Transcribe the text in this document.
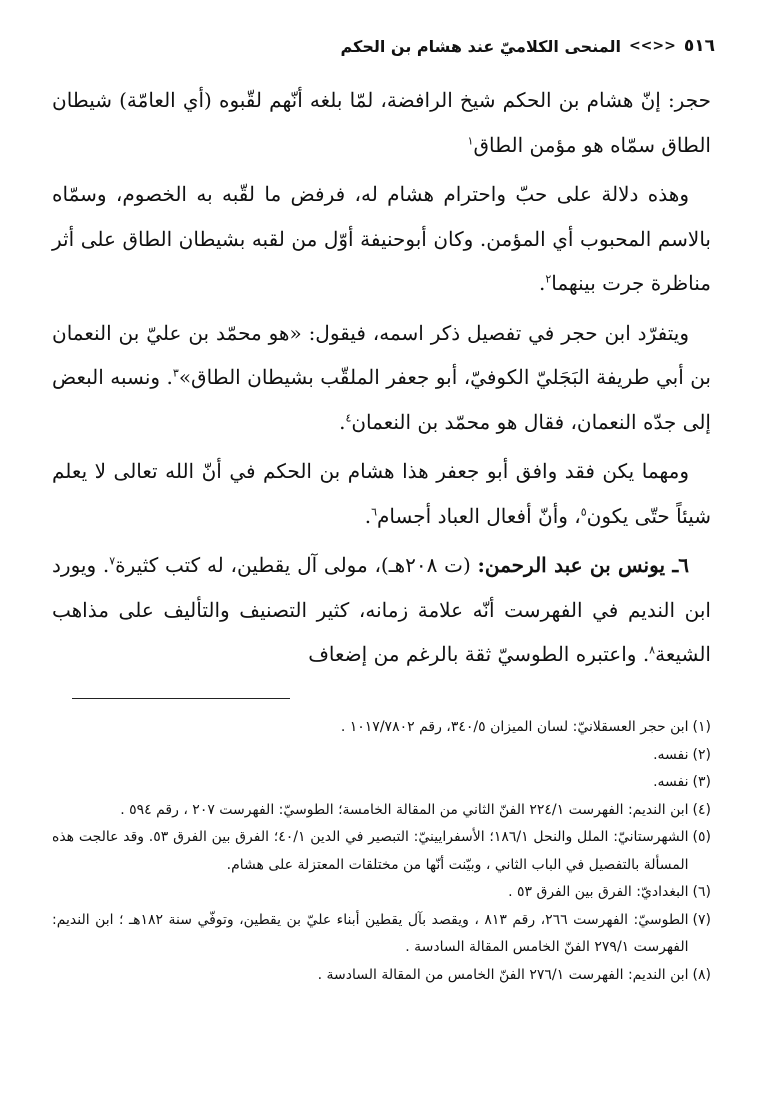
٥١٦
<<>>
المنحى الكلاميّ عند هشام بن الحكم

حجر: إنّ هشام بن الحكم شيخ الرافضة، لمّا بلغه أنّهم لقّبوه (أي العامّة) شيطان الطاق سمّاه هو مؤمن الطاق$^١$

وهذه دلالة على حبّ واحترام هشام له، فرفض ما لقّبه به الخصوم، وسمّاه بالاسم المحبوب أي المؤمن. وكان أبوحنيفة أوّل من لقبه بشيطان الطاق على أثر مناظرة جرت بينهما$^٢$.

ويتفرّد ابن حجر في تفصيل ذكر اسمه، فيقول: «هو محمّد بن عليّ بن النعمان بن أبي طريفة البَجَليّ الكوفيّ، أبو جعفر الملقّب بشيطان الطاق»$^٣$. ونسبه البعض إلى جدّه النعمان، فقال هو محمّد بن النعمان$^٤$.

ومهما يكن فقد وافق أبو جعفر هذا هشام بن الحكم في أنّ الله تعالى لا يعلم شيئاً حتّى يكون$^٥$، وأنّ أفعال العباد أجسام$^٦$.

٦ـ يونس بن عبد الرحمن: (ت ٢٠٨هـ)، مولى آل يقطين، له كتب كثيرة$^٧$. ويورد ابن النديم في الفهرست أنّه علامة زمانه، كثير التصنيف والتأليف على مذاهب الشيعة$^٨$. واعتبره الطوسيّ ثقة بالرغم من إضعاف

(١)
ابن حجر العسقلانيّ: لسان الميزان ٣٤٠/٥، رقم ١٠١٧/٧٨٠٢ .
(٢)
نفسه.
(٣)
نفسه.
(٤)
ابن النديم: الفهرست ٢٢٤/١ الفنّ الثاني من المقالة الخامسة؛ الطوسيّ: الفهرست ٢٠٧ ، رقم ٥٩٤ .
(٥)
الشهرستانيّ: الملل والنحل ١٨٦/١؛ الأسفرايينيّ: التبصير في الدين ٤٠/١؛ الفرق بين الفرق ٥٣. وقد عالجت هذه المسألة بالتفصيل في الباب الثاني ، وبيّنت أنّها من مختلقات المعتزلة على هشام.
(٦)
البغداديّ: الفرق بين الفرق ٥٣ .
(٧)
الطوسيّ: الفهرست ٢٦٦، رقم ٨١٣ ، ويقصد بآل يقطين أبناء عليّ بن يقطين، وتوفّي سنة ١٨٢هـ ؛ ابن النديم: الفهرست ٢٧٩/١ الفنّ الخامس المقالة السادسة .
(٨)
ابن النديم: الفهرست ٢٧٦/١ الفنّ الخامس من المقالة السادسة .
